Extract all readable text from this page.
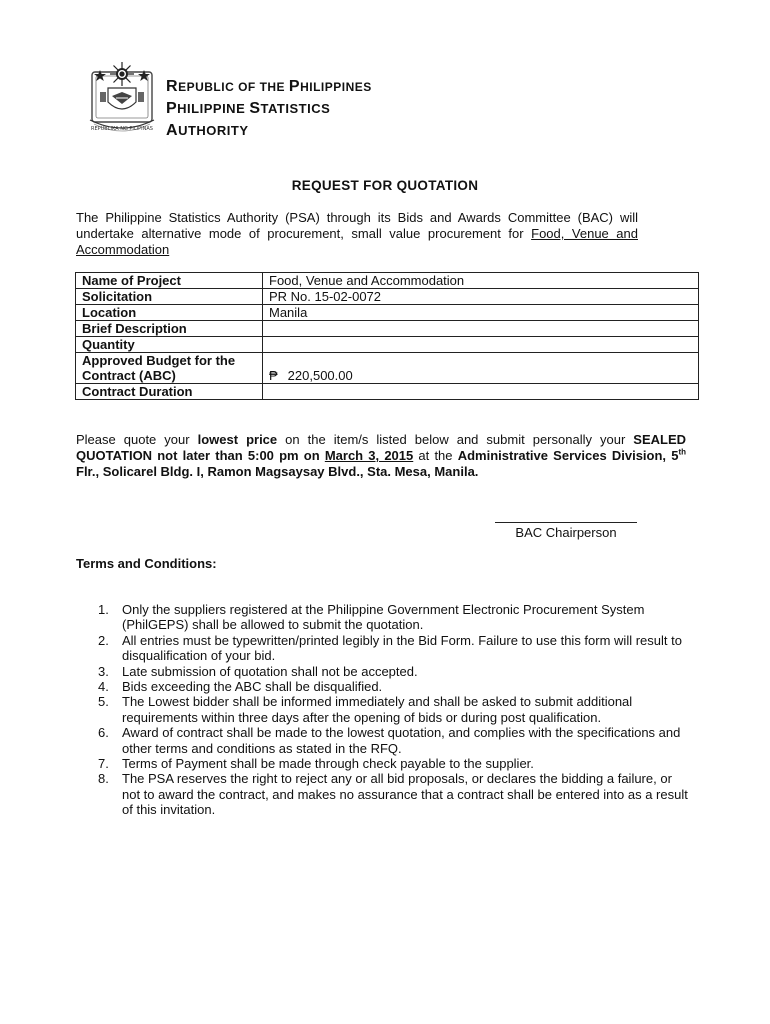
REPUBLIKA NG PILIPINAS
REPUBLIC OF THE PHILIPPINES
PHILIPPINE STATISTICS
AUTHORITY
REQUEST FOR QUOTATION
The Philippine Statistics Authority (PSA) through its Bids and Awards Committee (BAC) will undertake alternative mode of procurement, small value procurement for Food, Venue and Accommodation
Name of Project	Food, Venue and Accommodation
Solicitation	PR No. 15-02-0072
Location	Manila
Brief Description	
Quantity	
Approved Budget for the Contract (ABC)	₱ 220,500.00
Contract Duration	
Please quote your lowest price on the item/s listed below and submit personally your SEALED QUOTATION not later than 5:00 pm on March 3, 2015 at the Administrative Services Division, 5th Flr., Solicarel Bldg. I, Ramon Magsaysay Blvd., Sta. Mesa, Manila.
BAC Chairperson
Terms and Conditions:
1. Only the suppliers registered at the Philippine Government Electronic Procurement System (PhilGEPS) shall be allowed to submit the quotation.
2. All entries must be typewritten/printed legibly in the Bid Form. Failure to use this form will result to disqualification of your bid.
3. Late submission of quotation shall not be accepted.
4. Bids exceeding the ABC shall be disqualified.
5. The Lowest bidder shall be informed immediately and shall be asked to submit additional
requirements within three days after the opening of bids or during post qualification.
6. Award of contract shall be made to the lowest quotation, and complies with the specifications and other terms and conditions as stated in the RFQ.
7. Terms of Payment shall be made through check payable to the supplier.
8. The PSA reserves the right to reject any or all bid proposals, or declares the bidding a failure, or not to award the contract, and makes no assurance that a contract shall be entered into as a result of this invitation.
